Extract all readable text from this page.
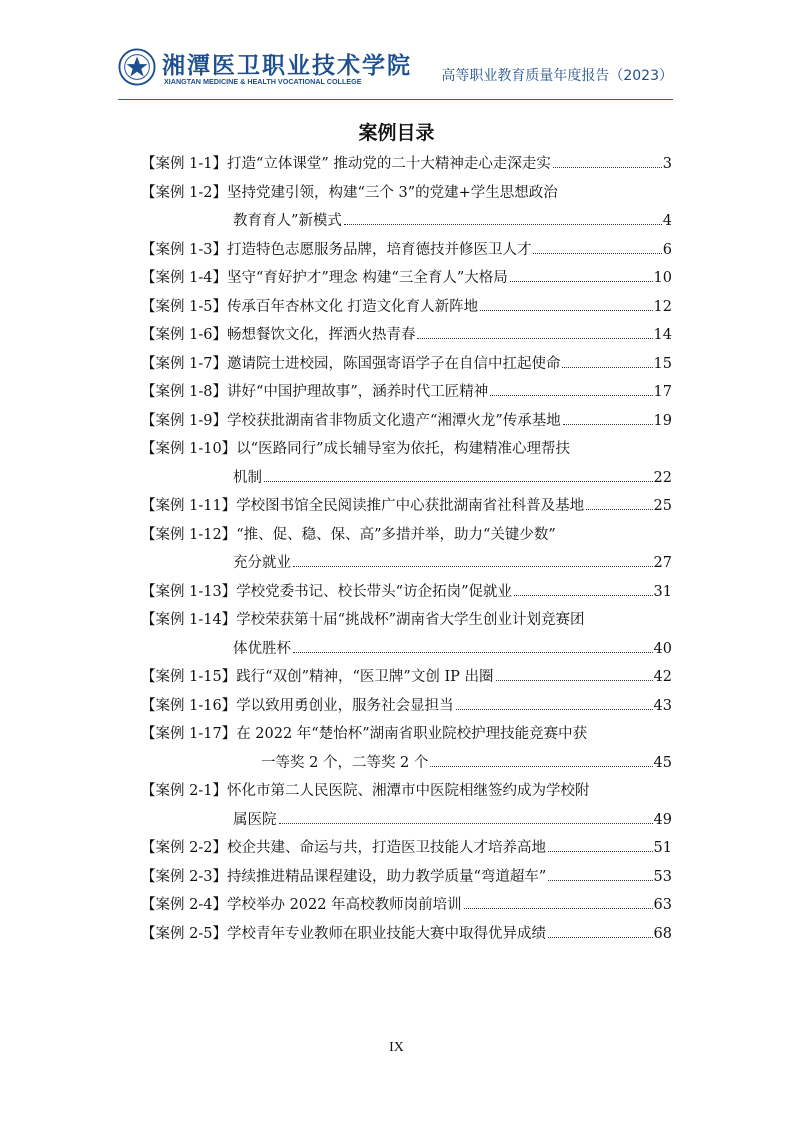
湘潭医卫职业技术学院
XIANGTAN MEDICINE & HEALTH VOCATIONAL COLLEGE	高等职业教育质量年度报告（2023）
案例目录
【案例 1-1】 打造“立体课堂” 推动党的二十大精神走心走深走实	3
【案例 1-2】 坚持党建引领，构建“三个 3”的党建+学生思想政治
教育育人”新模式	4
【案例 1-3】 打造特色志愿服务品牌，培育德技并修医卫人才	6
【案例 1-4】 坚守“育好护才”理念 构建“三全育人”大格局	10
【案例 1-5】 传承百年杏林文化 打造文化育人新阵地	12
【案例 1-6】 畅想餐饮文化，挥洒火热青春	14
【案例 1-7】 邀请院士进校园，陈国强寄语学子在自信中扛起使命	15
【案例 1-8】 讲好“中国护理故事”，涵养时代工匠精神	17
【案例 1-9】 学校获批湖南省非物质文化遗产“湘潭火龙”传承基地	19
【案例 1-10】 以“医路同行”成长辅导室为依托，构建精准心理帮扶
机制	22
【案例 1-11】 学校图书馆全民阅读推广中心获批湖南省社科普及基地	25
【案例 1-12】 “推、促、稳、保、高”多措并举，助力“关键少数”
充分就业	27
【案例 1-13】 学校党委书记、校长带头“访企拓岗”促就业	31
【案例 1-14】 学校荣获第十届“挑战杯”湖南省大学生创业计划竞赛团
体优胜杯	40
【案例 1-15】 践行“双创”精神，“医卫牌”文创 IP 出圈	42
【案例 1-16】 学以致用勇创业，服务社会显担当	43
【案例 1-17】 在 2022 年“楚怡杯”湖南省职业院校护理技能竞赛中获
一等奖 2 个，二等奖 2 个	45
【案例 2-1】 怀化市第二人民医院、湘潭市中医院相继签约成为学校附
属医院	49
【案例 2-2】 校企共建、命运与共，打造医卫技能人才培养高地	51
【案例 2-3】 持续推进精品课程建设，助力教学质量“弯道超车”	53
【案例 2-4】 学校举办 2022 年高校教师岗前培训	63
【案例 2-5】 学校青年专业教师在职业技能大赛中取得优异成绩	68
IX
